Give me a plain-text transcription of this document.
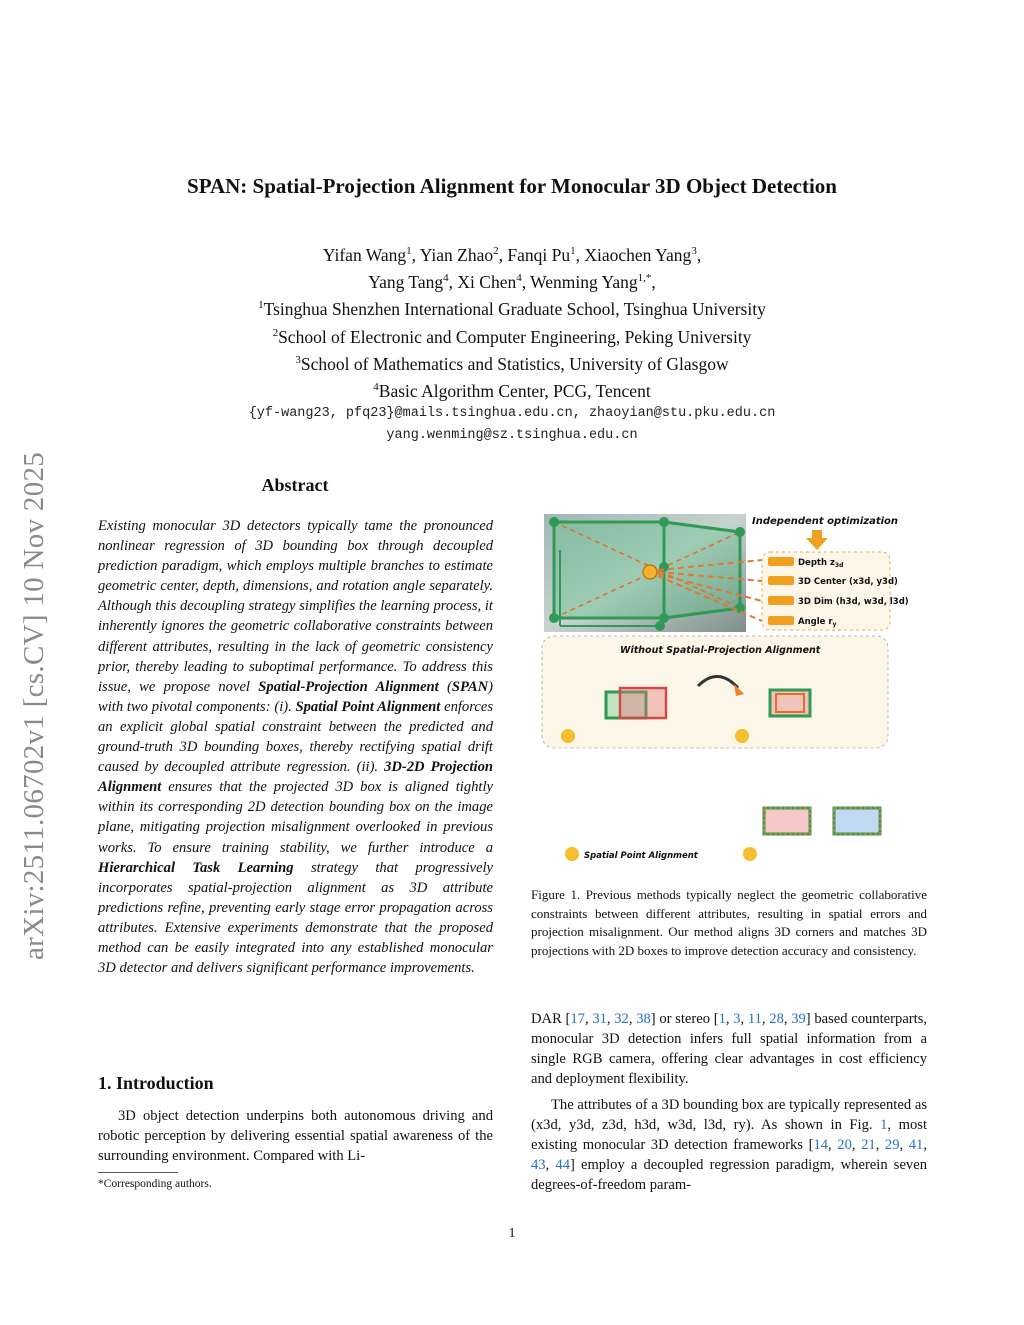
arXiv:2511.06702v1 [cs.CV] 10 Nov 2025
SPAN: Spatial-Projection Alignment for Monocular 3D Object Detection
Yifan Wang$^1$, Yian Zhao$^2$, Fanqi Pu$^1$, Xiaochen Yang$^3$,
Yang Tang$^4$, Xi Chen$^4$, Wenming Yang$^{1,*}$,
$^1$Tsinghua Shenzhen International Graduate School, Tsinghua University
$^2$School of Electronic and Computer Engineering, Peking University
$^3$School of Mathematics and Statistics, University of Glasgow
$^4$Basic Algorithm Center, PCG, Tencent
{yf-wang23, pfq23}@mails.tsinghua.edu.cn, zhaoyian@stu.pku.edu.cn
yang.wenming@sz.tsinghua.edu.cn
Abstract
Existing monocular 3D detectors typically tame the pronounced nonlinear regression of 3D bounding box through decoupled prediction paradigm, which employs multiple branches to estimate geometric center, depth, dimensions, and rotation angle separately. Although this decoupling strategy simplifies the learning process, it inherently ignores the geometric collaborative constraints between different attributes, resulting in the lack of geometric consistency prior, thereby leading to suboptimal performance. To address this issue, we propose novel Spatial-Projection Alignment (SPAN) with two pivotal components: (i). Spatial Point Alignment enforces an explicit global spatial constraint between the predicted and ground-truth 3D bounding boxes, thereby rectifying spatial drift caused by decoupled attribute regression. (ii). 3D-2D Projection Alignment ensures that the projected 3D box is aligned tightly within its corresponding 2D detection bounding box on the image plane, mitigating projection misalignment overlooked in previous works. To ensure training stability, we further introduce a Hierarchical Task Learning strategy that progressively incorporates spatial-projection alignment as 3D attribute predictions refine, preventing early stage error propagation across attributes. Extensive experiments demonstrate that the proposed method can be easily integrated into any established monocular 3D detector and delivers significant performance improvements.
1. Introduction
3D object detection underpins both autonomous driving and robotic perception by delivering essential spatial awareness of the surrounding environment. Compared with Li-
*Corresponding authors.
Independent optimization
Depth $z_{3d}$
3D Center (x3d, y3d)
3D Dim (h3d, w3d, l3d)
Angle $r_y$
Without Spatial-Projection Alignment
Spatial Point Alignment
Figure 1. Previous methods typically neglect the geometric collaborative constraints between different attributes, resulting in spatial errors and projection misalignment. Our method aligns 3D corners and matches 3D projections with 2D boxes to improve detection accuracy and consistency.
DAR [17, 31, 32, 38] or stereo [1, 3, 11, 28, 39] based counterparts, monocular 3D detection infers full spatial information from a single RGB camera, offering clear advantages in cost efficiency and deployment flexibility.
The attributes of a 3D bounding box are typically represented as (x3d, y3d, z3d, h3d, w3d, l3d, ry). As shown in Fig. 1, most existing monocular 3D detection frameworks [14, 20, 21, 29, 41, 43, 44] employ a decoupled regression paradigm, wherein seven degrees-of-freedom param-
1
